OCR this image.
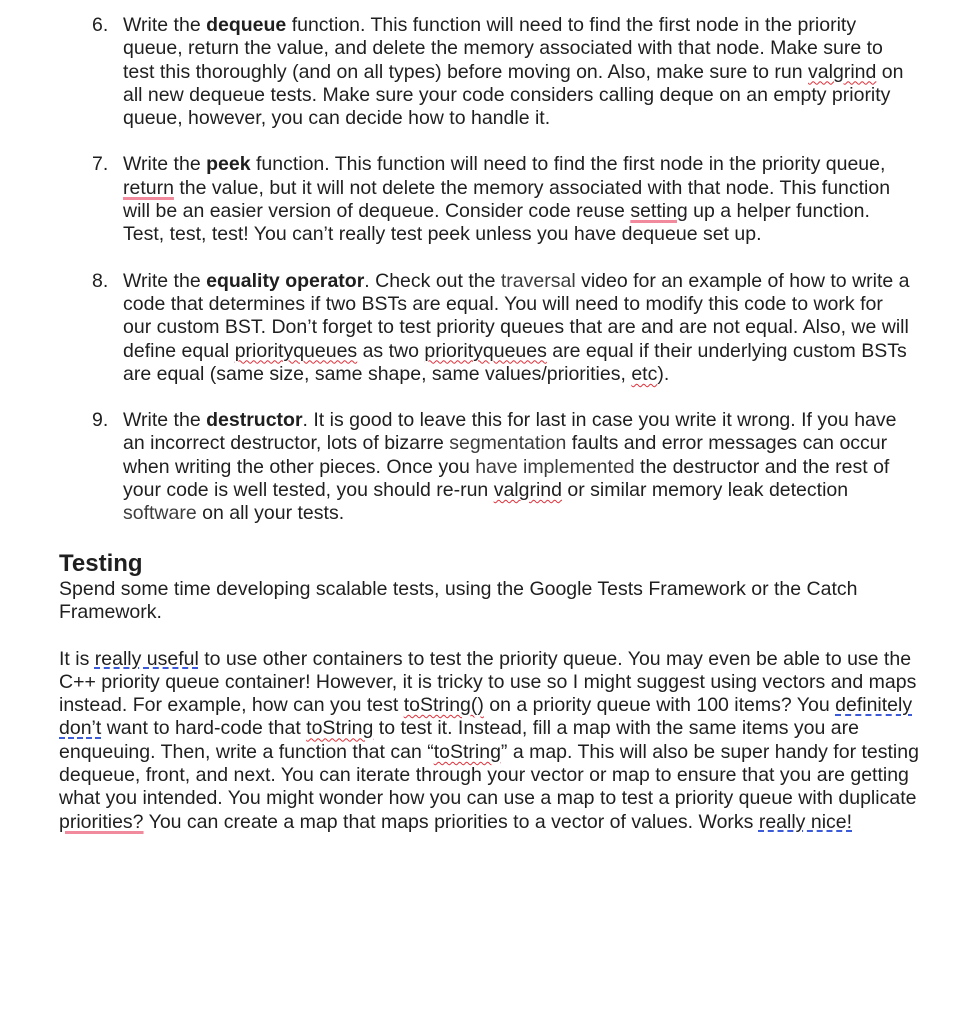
6. Write the dequeue function. This function will need to find the first node in the priority queue, return the value, and delete the memory associated with that node. Make sure to test this thoroughly (and on all types) before moving on. Also, make sure to run valgrind on all new dequeue tests. Make sure your code considers calling deque on an empty priority queue, however, you can decide how to handle it.
7. Write the peek function. This function will need to find the first node in the priority queue, return the value, but it will not delete the memory associated with that node. This function will be an easier version of dequeue. Consider code reuse setting up a helper function. Test, test, test! You can’t really test peek unless you have dequeue set up.
8. Write the equality operator. Check out the traversal video for an example of how to write a code that determines if two BSTs are equal. You will need to modify this code to work for our custom BST. Don’t forget to test priority queues that are and are not equal. Also, we will define equal priorityqueues as two priorityqueues are equal if their underlying custom BSTs are equal (same size, same shape, same values/priorities, etc).
9. Write the destructor. It is good to leave this for last in case you write it wrong. If you have an incorrect destructor, lots of bizarre segmentation faults and error messages can occur when writing the other pieces. Once you have implemented the destructor and the rest of your code is well tested, you should re-run valgrind or similar memory leak detection software on all your tests.
Testing

Spend some time developing scalable tests, using the Google Tests Framework or the Catch Framework.

It is really useful to use other containers to test the priority queue. You may even be able to use the C++ priority queue container! However, it is tricky to use so I might suggest using vectors and maps instead. For example, how can you test toString() on a priority queue with 100 items? You definitely don’t want to hard-code that toString to test it. Instead, fill a map with the same items you are enqueuing. Then, write a function that can “toString” a map. This will also be super handy for testing dequeue, front, and next. You can iterate through your vector or map to ensure that you are getting what you intended. You might wonder how you can use a map to test a priority queue with duplicate priorities? You can create a map that maps priorities to a vector of values. Works really nice!
